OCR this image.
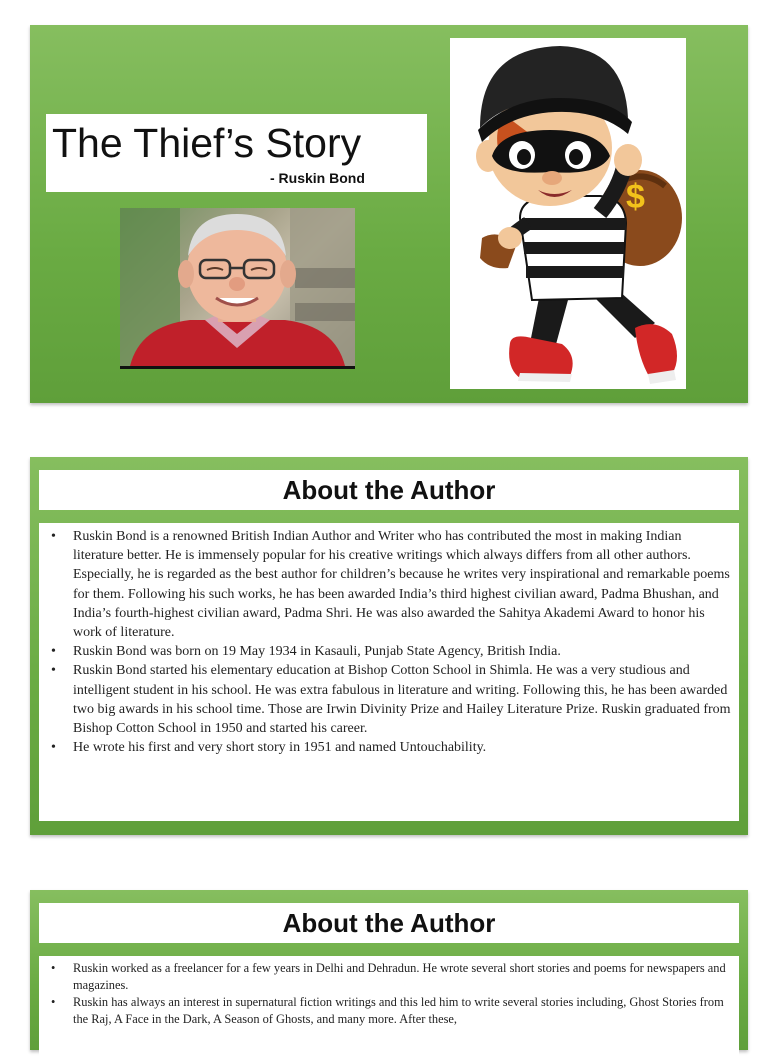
The Thief’s Story
- Ruskin Bond	$
About the Author
• Ruskin Bond is a renowned British Indian Author and Writer who has contributed the most in making Indian literature better. He is immensely popular for his creative writings which always differs from all other authors. Especially, he is regarded as the best author for children’s because he writes very inspirational and remarkable poems for them. Following his such works, he has been awarded India’s third highest civilian award, Padma Bhushan, and India’s fourth-highest civilian award, Padma Shri. He was also awarded the Sahitya Akademi Award to honor his work of literature.
• Ruskin Bond was born on 19 May 1934 in Kasauli, Punjab State Agency, British India.
• Ruskin Bond started his elementary education at Bishop Cotton School in Shimla. He was a very studious and intelligent student in his school. He was extra fabulous in literature and writing. Following this, he has been awarded two big awards in his school time. Those are Irwin Divinity Prize and Hailey Literature Prize. Ruskin graduated from Bishop Cotton School in 1950 and started his career.
• He wrote his first and very short story in 1951 and named Untouchability.
About the Author
• Ruskin worked as a freelancer for a few years in Delhi and Dehradun. He wrote several short stories and poems for newspapers and magazines.
• Ruskin has always an interest in supernatural fiction writings and this led him to write several stories including, Ghost Stories from the Raj, A Face in the Dark, A Season of Ghosts, and many more. After these,
